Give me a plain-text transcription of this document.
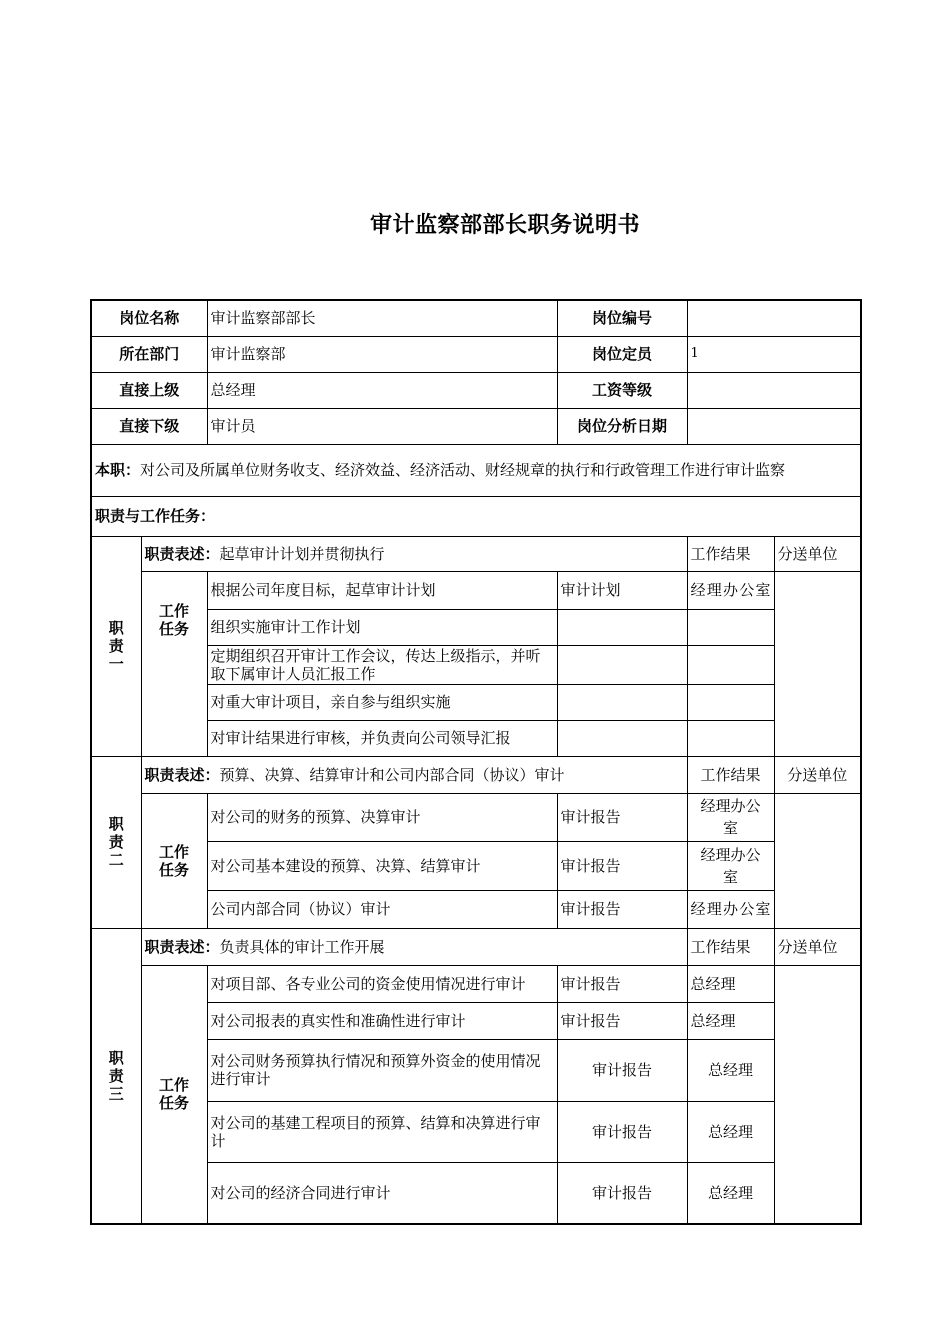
审计监察部部长职务说明书
岗位名称		审计监察部部长	岗位编号		
所在部门		审计监察部	岗位定员	1	
直接上级		总经理	工资等级		
直接下级		审计员	岗位分析日期		
本职：对公司及所属单位财务收支、经济效益、经济活动、财经规章的执行和行政管理工作进行审计监察					
职责与工作任务：					

职
责
一	职责表述：起草审计计划并贯彻执行			工作结果	分送单位

	工作
任务	根据公司年度目标，起草审计计划	审计计划	经理办公室	
		组织实施审计工作计划			
		定期组织召开审计工作会议，传达上级指示，并听取下属审计人员汇报工作			
		对重大审计项目，亲自参与组织实施			
		对审计结果进行审核，并负责向公司领导汇报			

职
责
二	职责表述：预算、决算、结算审计和公司内部合同（协议）审计			工作结果	分送单位

	工作
任务	对公司的财务的预算、决算审计	审计报告	经理办公室	
		对公司基本建设的预算、决算、结算审计	审计报告	经理办公室	
		公司内部合同（协议）审计	审计报告	经理办公室	

职
责
三	职责表述：负责具体的审计工作开展			工作结果	分送单位

	工作
任务	对项目部、各专业公司的资金使用情况进行审计	审计报告	总经理	
		对公司报表的真实性和准确性进行审计	审计报告	总经理	
		对公司财务预算执行情况和预算外资金的使用情况进行审计	审计报告	总经理	
		对公司的基建工程项目的预算、结算和决算进行审计	审计报告	总经理	
		对公司的经济合同进行审计	审计报告	总经理	
